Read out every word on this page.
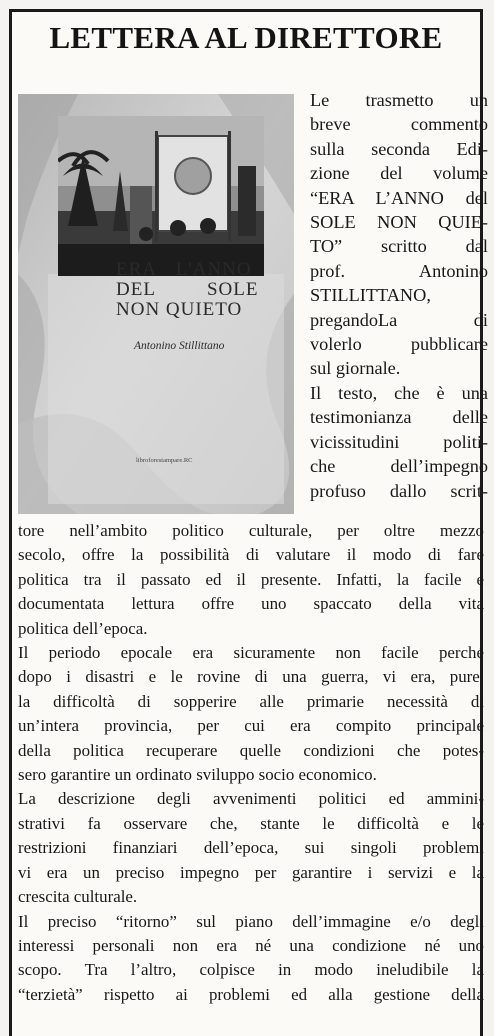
LETTERA AL DIRETTORE
ERA L'ANNO
DEL SOLE
NON QUIETO
Antonino Stillittano
libroforestampare.RC

Le trasmetto un
breve commento
sulla seconda Edi-
zione del volume
“ERA L’ANNO del
SOLE NON QUIE-
TO” scritto dal
prof. Antonino
STILLITTANO,
pregandoLa di
volerlo pubblicare
sul giornale.

Il testo, che è una
testimonianza delle
vicissitudini politi-
che dell’impegno
profuso dallo scrit-

tore nell’ambito politico culturale, per oltre mezzo
secolo, offre la possibilità di valutare il modo di fare
politica tra il passato ed il presente. Infatti, la facile e
documentata lettura offre uno spaccato della vita
politica dell’epoca.

Il periodo epocale era sicuramente non facile perché
dopo i disastri e le rovine di una guerra, vi era, pure,
la difficoltà di sopperire alle primarie necessità di
un’intera provincia, per cui era compito principale
della politica recuperare quelle condizioni che potes-
sero garantire un ordinato sviluppo socio economico.

La descrizione degli avvenimenti politici ed ammini-
strativi fa osservare che, stante le difficoltà e le
restrizioni finanziari dell’epoca, sui singoli problemi
vi era un preciso impegno per garantire i servizi e la
crescita culturale.

Il preciso “ritorno” sul piano dell’immagine e/o degli
interessi personali non era né una condizione né uno
scopo. Tra l’altro, colpisce in modo ineludibile la
“terzietà” rispetto ai problemi ed alla gestione della
